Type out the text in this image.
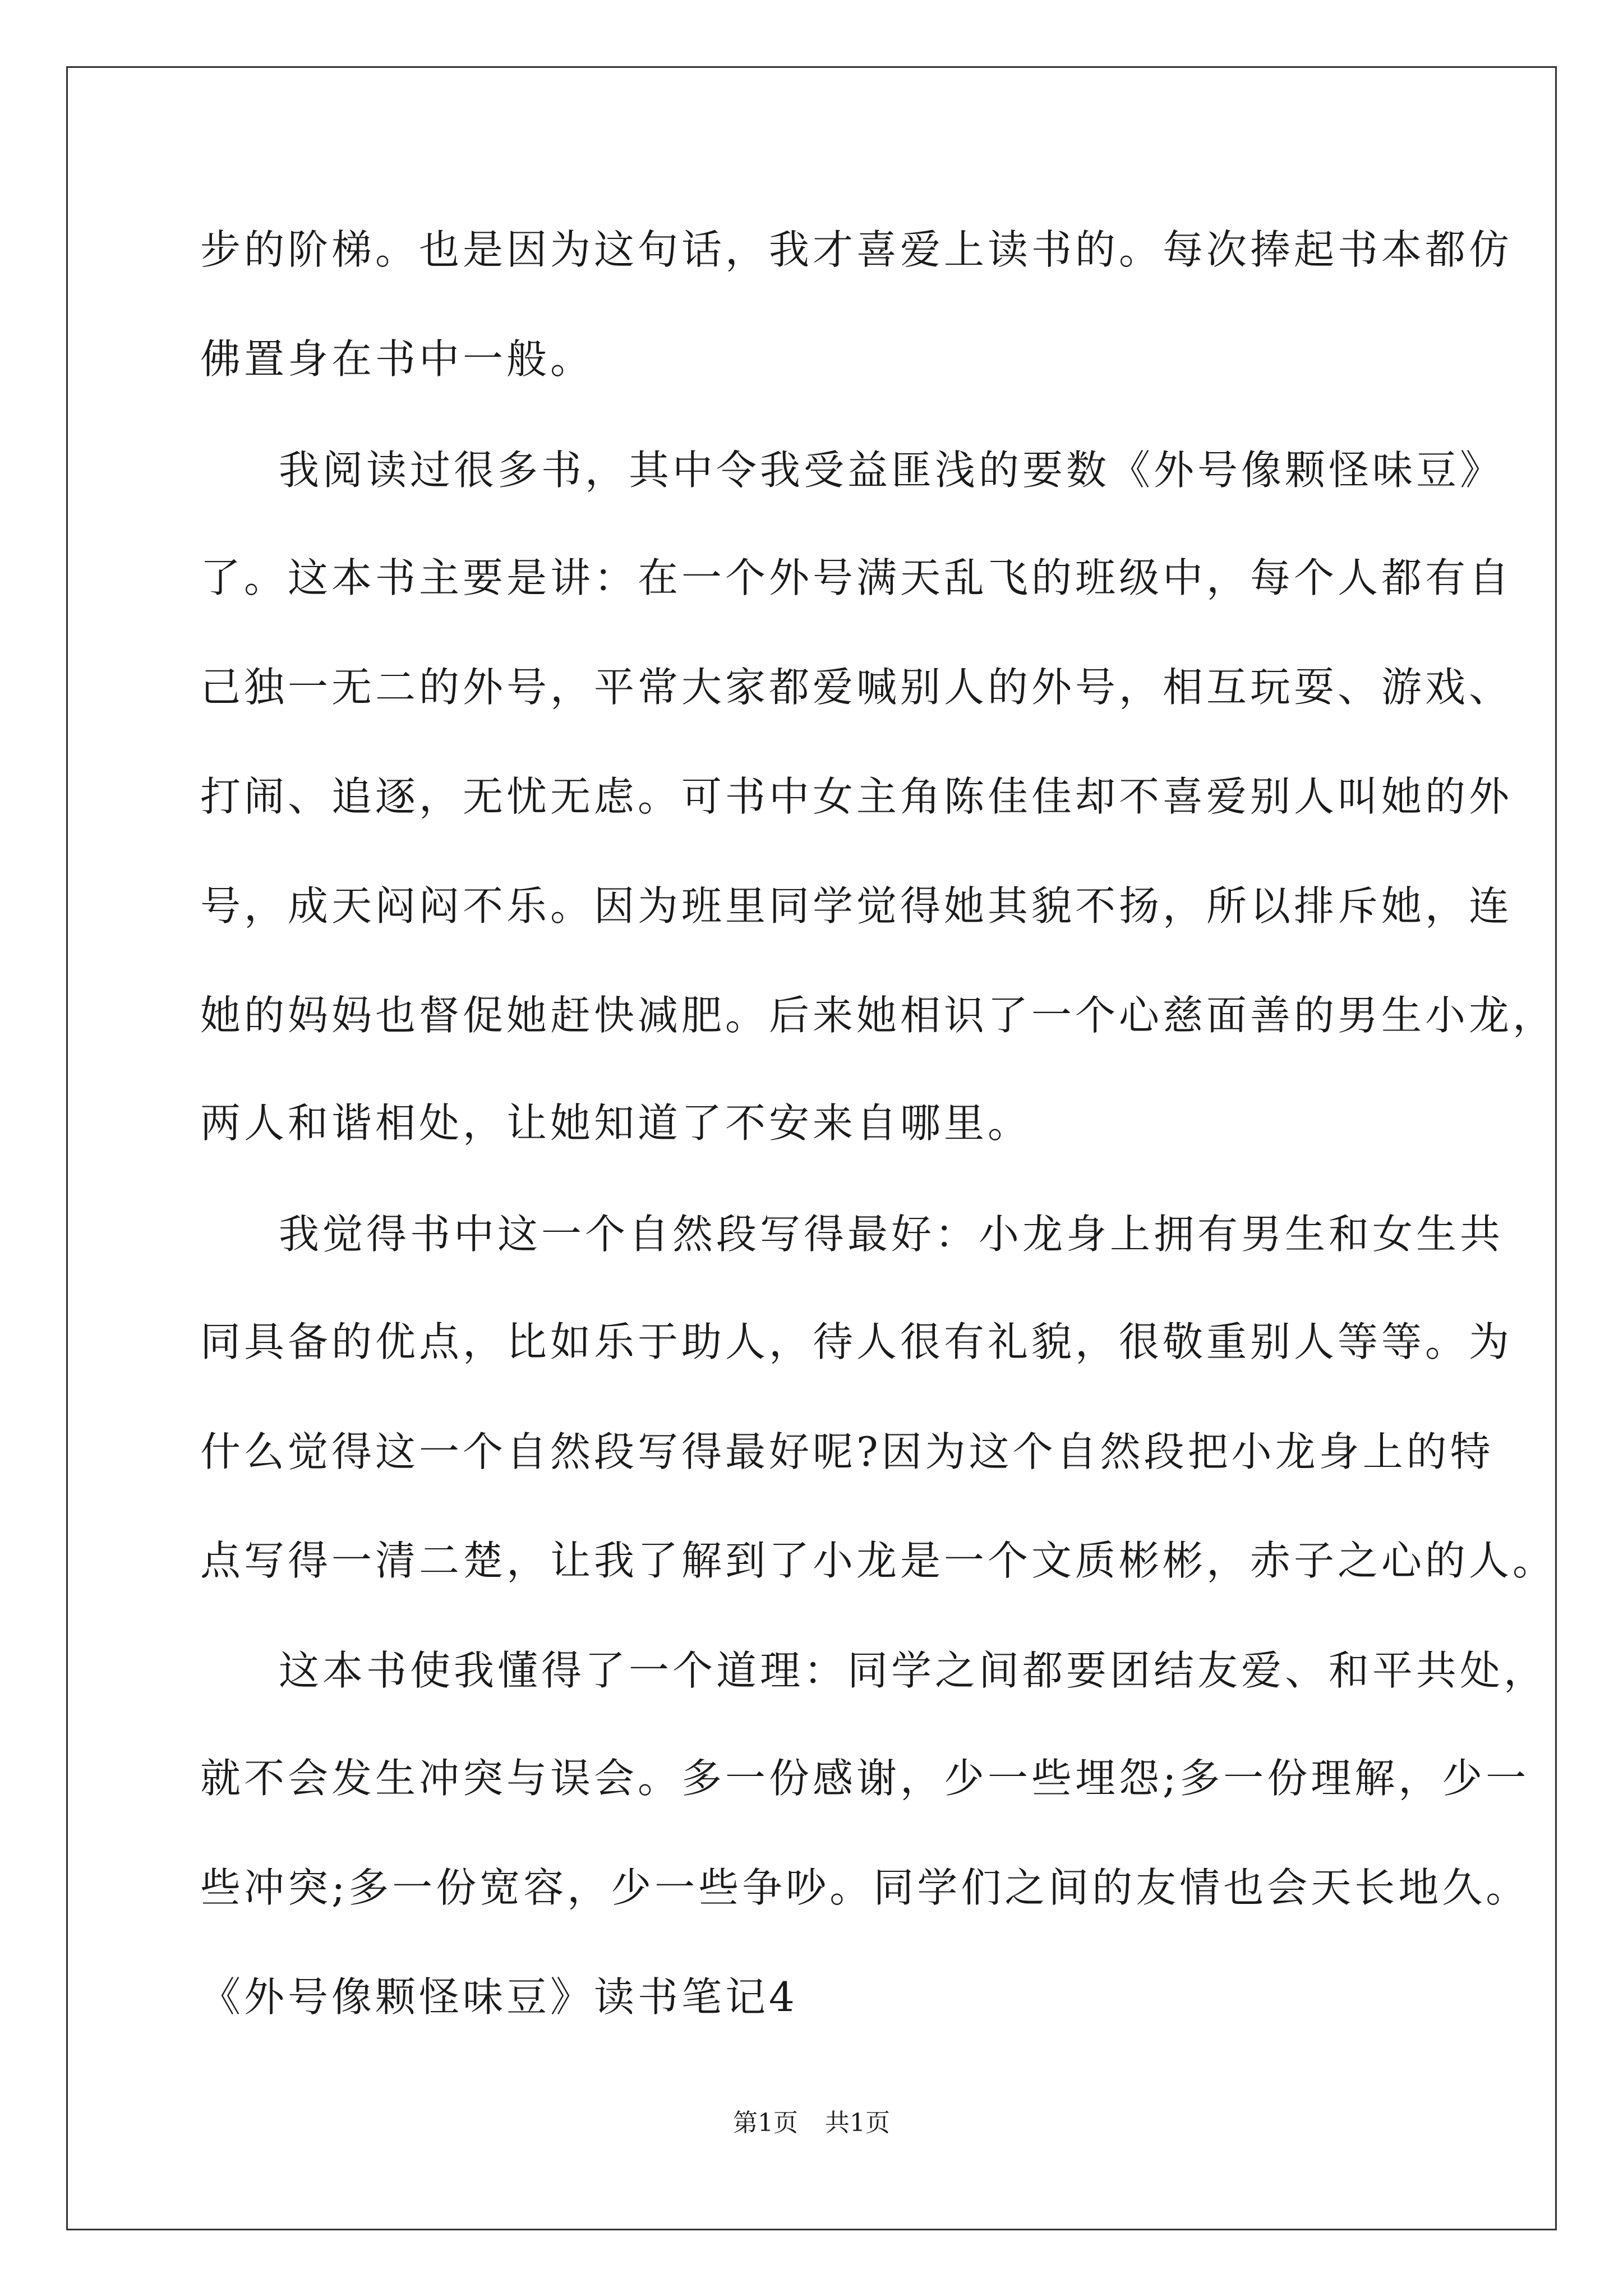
步的阶梯。也是因为这句话，我才喜爱上读书的。每次捧起书本都仿
佛置身在书中一般。
我阅读过很多书，其中令我受益匪浅的要数《外号像颗怪味豆》
了。这本书主要是讲：在一个外号满天乱飞的班级中，每个人都有自
己独一无二的外号，平常大家都爱喊别人的外号，相互玩耍、游戏、
打闹、追逐，无忧无虑。可书中女主角陈佳佳却不喜爱别人叫她的外
号，成天闷闷不乐。因为班里同学觉得她其貌不扬，所以排斥她，连
她的妈妈也督促她赶快减肥。后来她相识了一个心慈面善的男生小龙，
两人和谐相处，让她知道了不安来自哪里。
我觉得书中这一个自然段写得最好：小龙身上拥有男生和女生共
同具备的优点，比如乐于助人，待人很有礼貌，很敬重别人等等。为
什么觉得这一个自然段写得最好呢?因为这个自然段把小龙身上的特
点写得一清二楚，让我了解到了小龙是一个文质彬彬，赤子之心的人。
这本书使我懂得了一个道理：同学之间都要团结友爱、和平共处，
就不会发生冲突与误会。多一份感谢，少一些埋怨;多一份理解，少一
些冲突;多一份宽容，少一些争吵。同学们之间的友情也会天长地久。
《外号像颗怪味豆》读书笔记4
第1页 共1页
